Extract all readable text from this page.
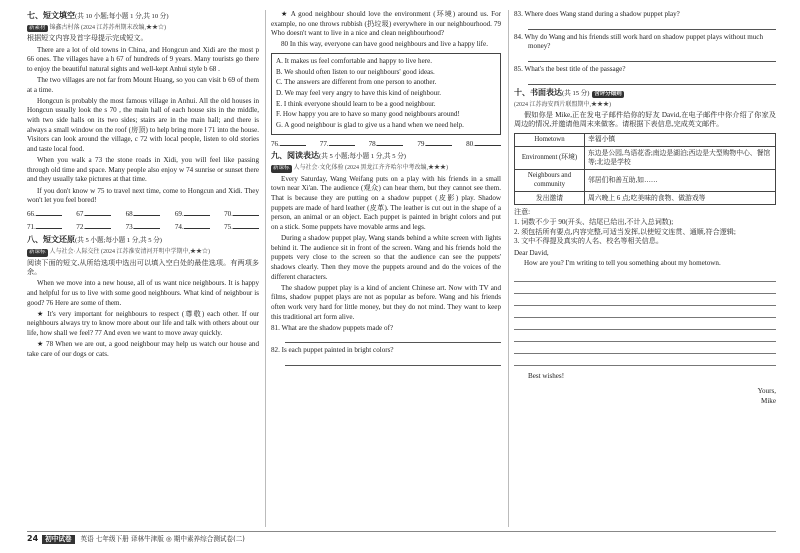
七、短文填空(共 10 小题;每小题 1 分,共 10 分)
新素材 锦鑫古村落 (2024 江苏苏州期末改编,★★☆)

根据短文内容及首字母提示完成短文。

There are a lot of old towns in China, and Hongcun and Xidi are the most p 66 ones. The villages have a h 67 of hundreds of 9 years. Many tourists go there to enjoy the beautiful natural sights and well-kept Anhui style b 68 .

The two villages are not far from Mount Huang, so you can visit b 69 of them at a time.

Hongcun is probably the most famous village in Anhui. All the old houses in Hongcun usually look the s 70 , the main hall of each house sits in the middle, with two side halls on its two sides; stairs are in the main hall; and there is always a small window on the roof (房顶) to help bring more l 71 into the house. Visitors can look around the village, c 72 with local people, listen to old stories and taste local food.

When you walk a 73 the stone roads in Xidi, you will feel like passing through old time and space. Many people also enjoy w 74 sunrise or sunset there and they usually take pictures at that time.

If you don't know w 75 to travel next time, come to Hongcun and Xidi. They won't let you feel bored!

66.	67.	68.	69.	70.
71.	72.	73.	74.	75.
八、短文还原(共 5 小题;每小题 1 分,共 5 分)
新课标 人与社会·人际交往 (2024 江苏淮安清河开明中学期中,★★☆)

阅读下面的短文,从所给选项中选出可以填入空白处的最佳选项。有两项多余。

When we move into a new house, all of us want nice neighbours. It is happy and helpful for us to live with some good neighbours. What kind of neighbour is good? 76 Here are some of them.

★ It's very important for neighbours to respect (尊敬) each other. If our neighbours always try to know more about our life and talk with others about our life, how shall we feel? 77 And even we want to move away quickly.

★ 78 When we are out, a good neighbour may help us watch our house and take care of our dogs or cats.

★ A good neighbour should love the environment (环境) around us. For example, no one throws rubbish (扔垃圾) everywhere in our neighbourhood. 79 Who doesn't want to live in a nice and clean neighbourhood?

80 In this way, everyone can have good neighbours and live a happy life.

A. It makes us feel comfortable and happy to live here.
B. We should often listen to our neighbours' good ideas.
C. The answers are different from one person to another.
D. We may feel very angry to have this kind of neighbour.
E. I think everyone should learn to be a good neighbour.
F. How happy you are to have so many good neighbours around!
G. A good neighbour is glad to give us a hand when we need help.
76.	77.	78.	79.	80.
九、阅读表达(共 5 小题;每小题 1 分,共 5 分)
新课标 人与社会·文化体验 (2024 黑龙江齐齐哈尔中考改编,★★★)

Every Saturday, Wang Weifang puts on a play with his friends in a small town near Xi'an. The audience (观众) can hear them, but they cannot see them. That is because they are putting on a shadow puppet (皮影) play. Shadow puppets are made of hard leather (皮革). The leather is cut out in the shape of a person, an animal or an object. Each puppet is painted in bright colors and put on a stick. Some puppets have movable arms and legs.

During a shadow puppet play, Wang stands behind a white screen with lights behind it. The audience sit in front of the screen. Wang and his friends hold the puppets very close to the screen so that the audience can see the puppets' shadows clearly. Then they move the puppets around and do the voices of the different characters.

The shadow puppet play is a kind of ancient Chinese art. Now with TV and films, shadow puppet plays are not as popular as before. Wang and his friends often work very hard for little money, but they do not mind. They want to keep this traditional art form alive.

81. What are the shadow puppets made of?
82. Is each puppet painted in bright colors?
83. Where does Wang stand during a shadow puppet play?
84. Why do Wang and his friends still work hard on shadow puppet plays without much money?
85. What's the best title of the passage?
十、书面表达(共 15 分) 含评分细则
(2024 江苏海安西片联盟期中,★★★)

假如你是 Mike,正在发电子邮件给你的好友 David,在电子邮件中你介绍了你家及周边的情况,并邀请他周末来做客。请根据下表信息,完成英文邮件。

Hometown	幸福小镇
Environment (环境)	东边是公园,鸟语花香;南边是湖泊;西边是大型购物中心、餐馆等;北边是学校
Neighbours and community	邻居们和善互助,如……
发出邀请	周六晚上 6 点;吃美味的食物、做游戏等
注意:
1. 词数不少于 90(开头、结尾已给出,不计入总词数);
2. 须包括所有要点,内容完整,可适当发挥,以使短文连贯、通顺,符合逻辑;
3. 文中不得提及真实的人名、校名等相关信息。
Dear David,

How are you? I'm writing to tell you something about my hometown.

Best wishes!
Yours,
Mike
24	初中试卷	英语 七年级下册 译林牛津版 ◎ 期中素养综合测试卷(二)
